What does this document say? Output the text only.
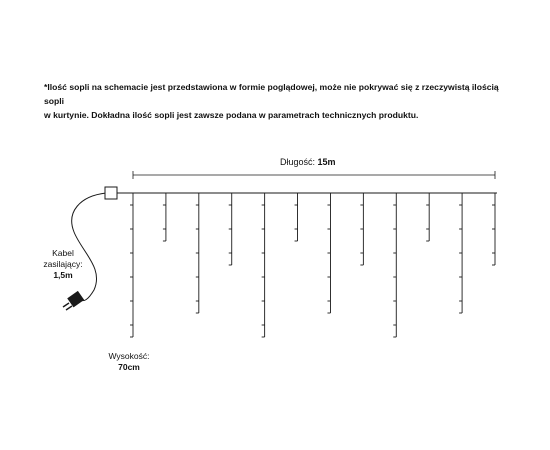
*Ilość sopli na schemacie jest przedstawiona w formie poglądowej, może nie pokrywać się z rzeczywistą ilością sopli
w kurtynie. Dokładna ilość sopli jest zawsze podana w parametrach technicznych produktu.

Długość: 15m
Kabel
zasilający:
1,5m
Wysokość:
70cm
